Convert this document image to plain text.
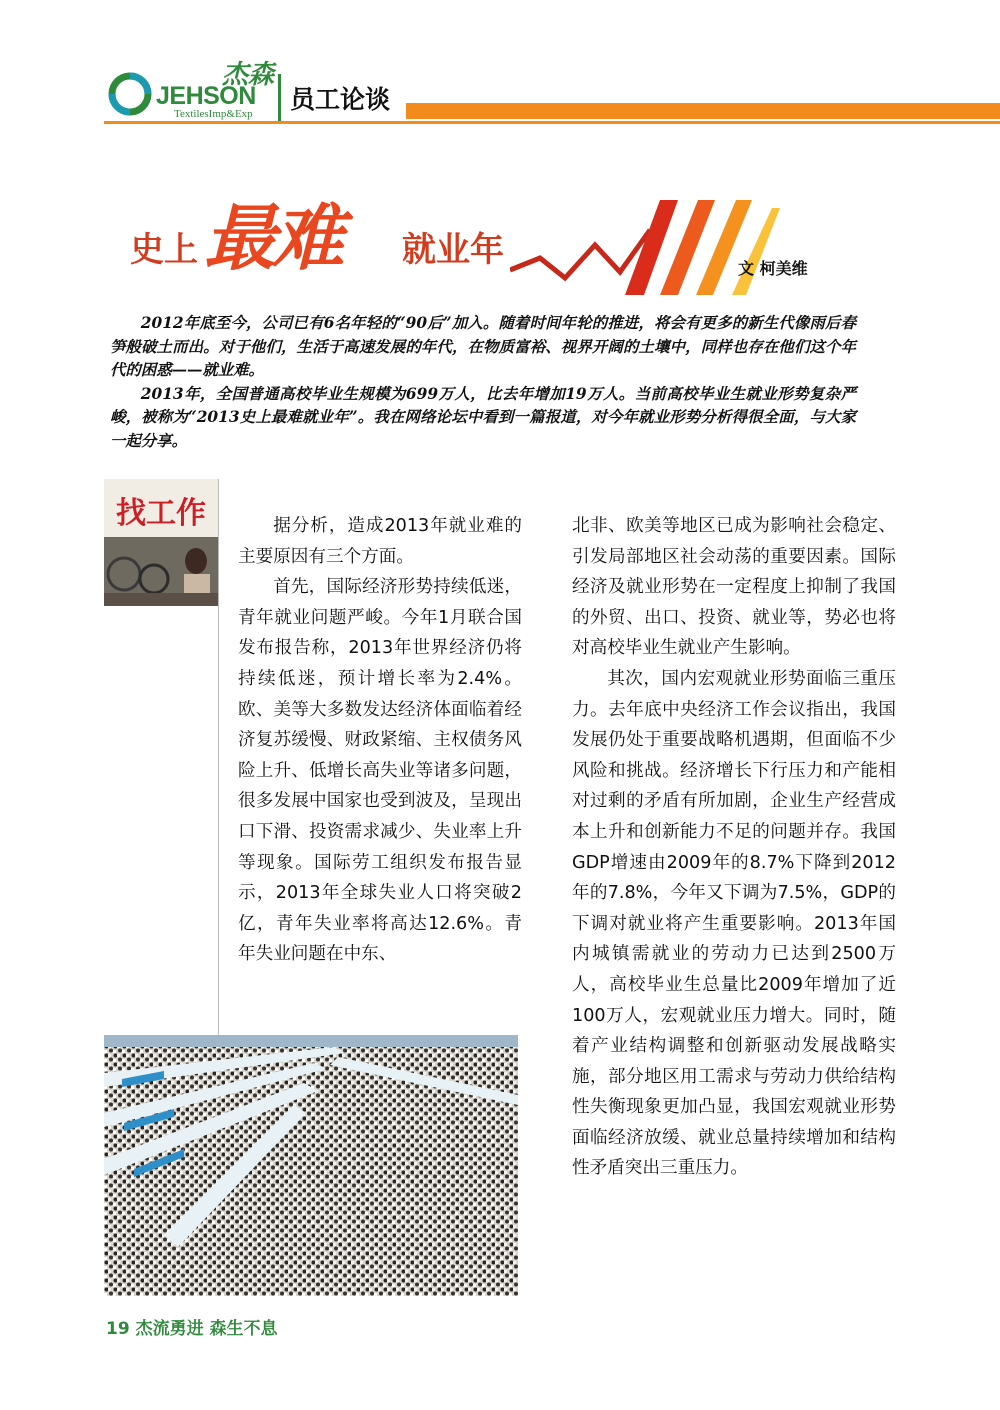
JEHSON
杰森
TextilesImp&Exp 员工论谈
史上 最难 就业年	文 柯美维

2012年底至今，公司已有6名年轻的“90后”加入。随着时间年轮的推进，将会有更多的新生代像雨后春笋般破土而出。对于他们，生活于高速发展的年代，在物质富裕、视界开阔的土壤中，同样也存在他们这个年代的困惑——就业难。

2013年，全国普通高校毕业生规模为699万人，比去年增加19万人。当前高校毕业生就业形势复杂严峻，被称为“2013史上最难就业年”。我在网络论坛中看到一篇报道，对今年就业形势分析得很全面，与大家一起分享。

找工作	据分析，造成2013年就业难的主要原因有三个方面。

首先，国际经济形势持续低迷，青年就业问题严峻。今年1月联合国发布报告称，2013年世界经济仍将持续低迷，预计增长率为2.4%。欧、美等大多数发达经济体面临着经济复苏缓慢、财政紧缩、主权债务风险上升、低增长高失业等诸多问题，很多发展中国家也受到波及，呈现出口下滑、投资需求减少、失业率上升等现象。国际劳工组织发布报告显示，2013年全球失业人口将突破2亿，青年失业率将高达12.6%。青年失业问题在中东、

北非、欧美等地区已成为影响社会稳定、引发局部地区社会动荡的重要因素。国际经济及就业形势在一定程度上抑制了我国的外贸、出口、投资、就业等，势必也将对高校毕业生就业产生影响。

其次，国内宏观就业形势面临三重压力。去年底中央经济工作会议指出，我国发展仍处于重要战略机遇期，但面临不少风险和挑战。经济增长下行压力和产能相对过剩的矛盾有所加剧，企业生产经营成本上升和创新能力不足的问题并存。我国GDP增速由2009年的8.7%下降到2012年的7.8%，今年又下调为7.5%，GDP的下调对就业将产生重要影响。2013年国内城镇需就业的劳动力已达到2500万人，高校毕业生总量比2009年增加了近100万人，宏观就业压力增大。同时，随着产业结构调整和创新驱动发展战略实施，部分地区用工需求与劳动力供给结构性失衡现象更加凸显，我国宏观就业形势面临经济放缓、就业总量持续增加和结构性矛盾突出三重压力。

19 杰流勇进 森生不息
